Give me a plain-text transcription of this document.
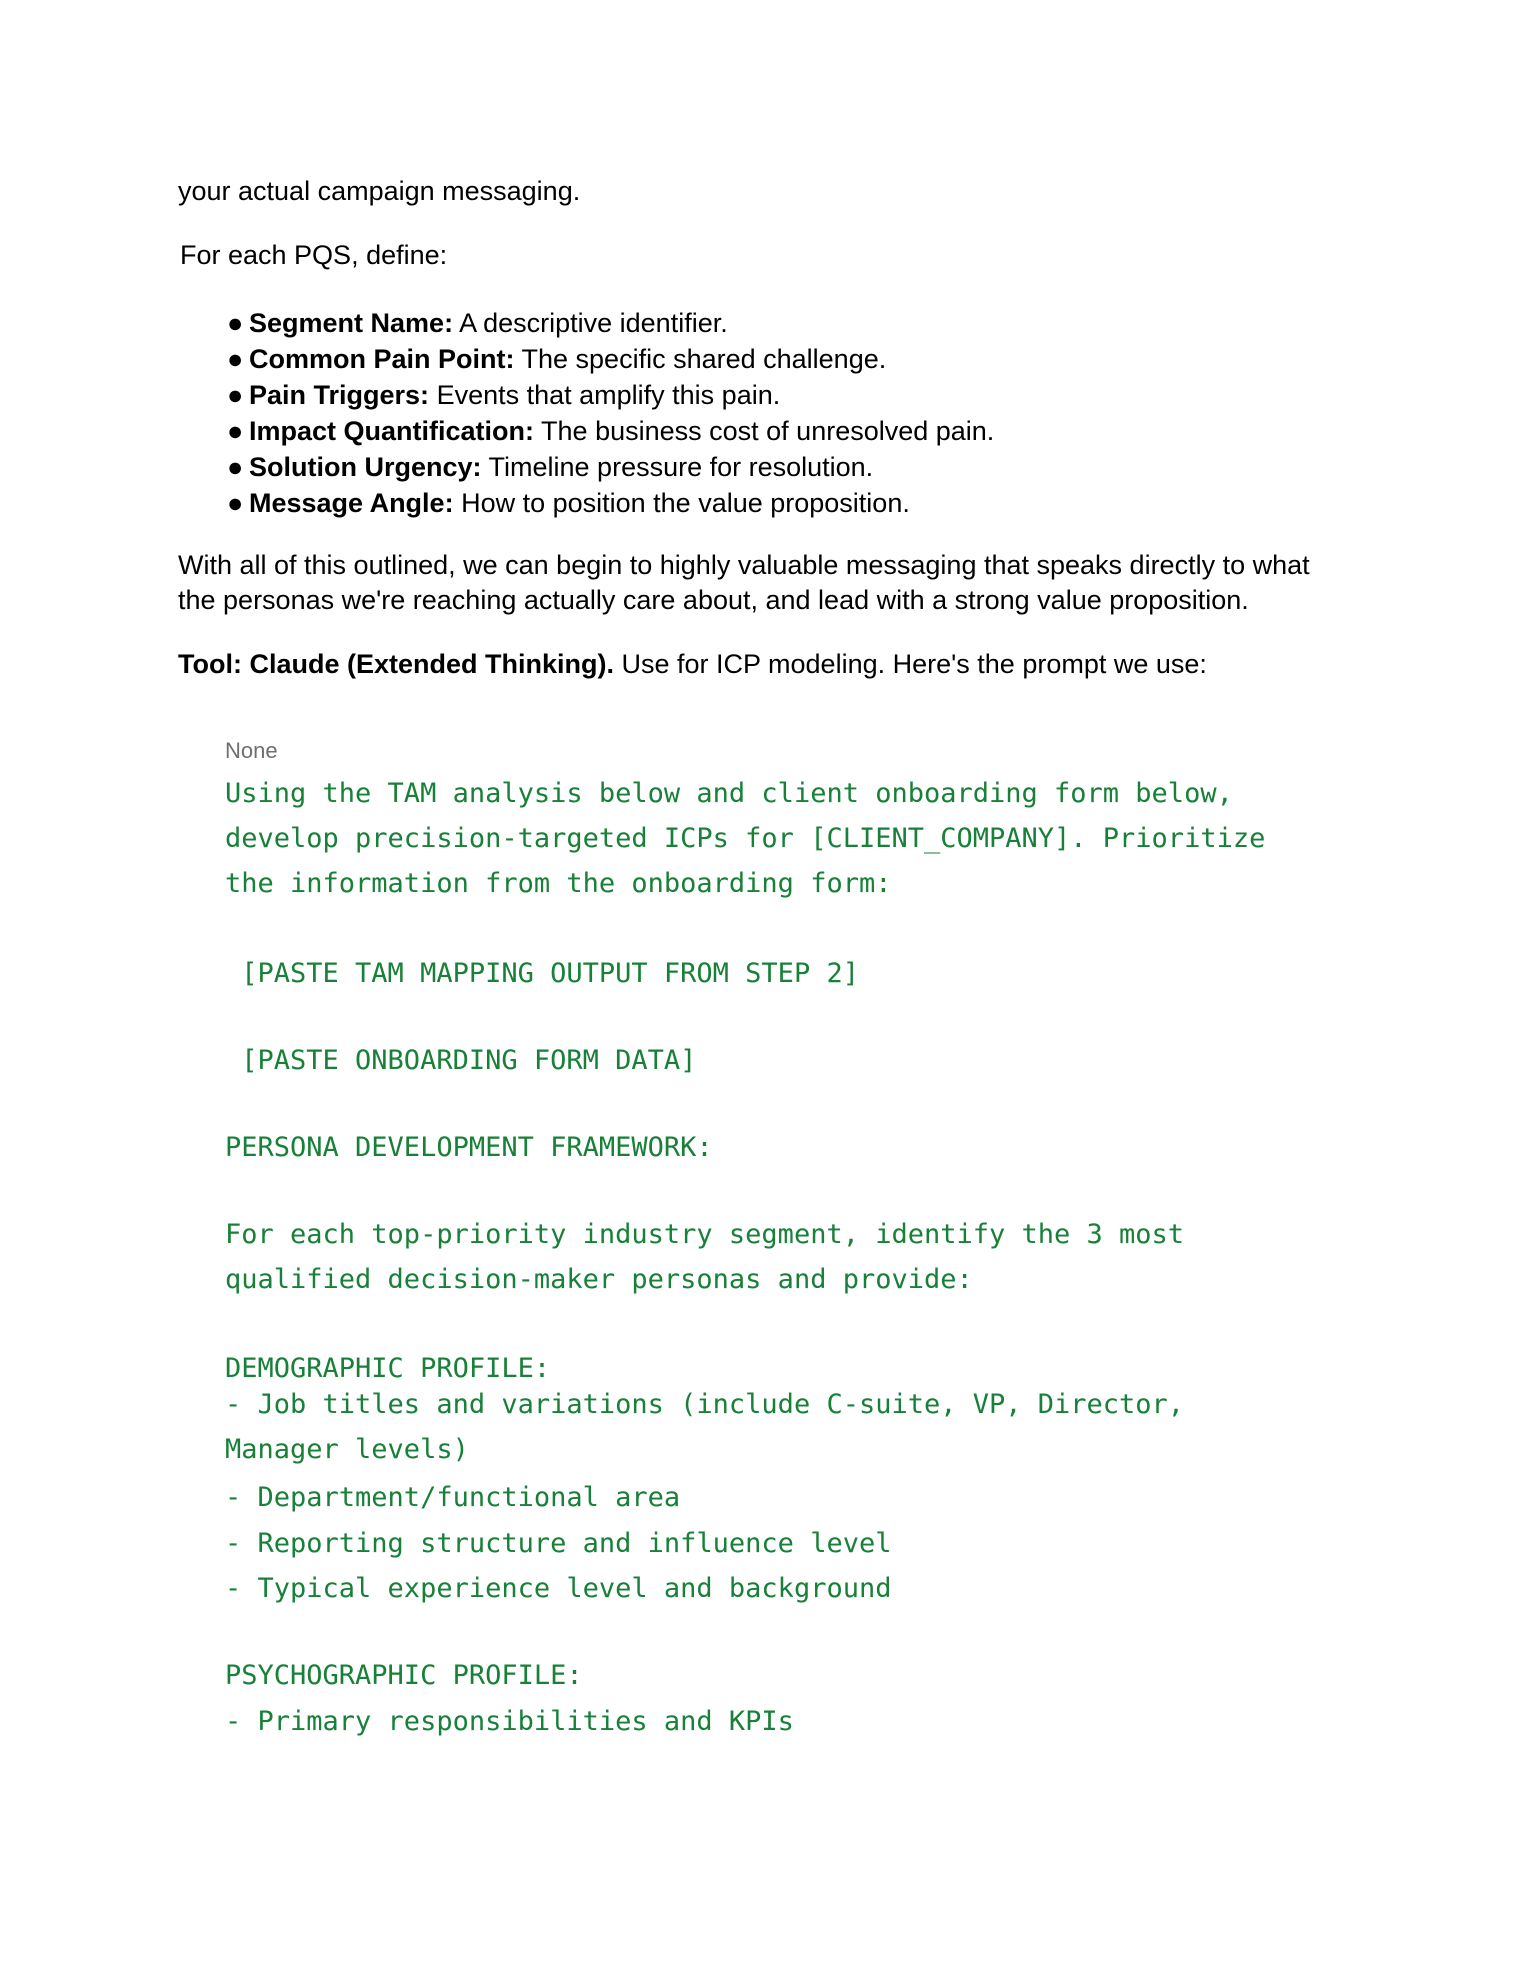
your actual campaign messaging.

For each PQS, define:

● Segment Name: A descriptive identifier.
● Common Pain Point: The specific shared challenge.
● Pain Triggers: Events that amplify this pain.
● Impact Quantification: The business cost of unresolved pain.
● Solution Urgency: Timeline pressure for resolution.
● Message Angle: How to position the value proposition.

With all of this outlined, we can begin to highly valuable messaging that speaks directly to what

the personas we're reaching actually care about, and lead with a strong value proposition.

Tool: Claude (Extended Thinking). Use for ICP modeling. Here's the prompt we use:

None

Using the TAM analysis below and client onboarding form below,

develop precision-targeted ICPs for [CLIENT_COMPANY]. Prioritize

the information from the onboarding form:

[PASTE TAM MAPPING OUTPUT FROM STEP 2]

[PASTE ONBOARDING FORM DATA]

PERSONA DEVELOPMENT FRAMEWORK:

For each top-priority industry segment, identify the 3 most

qualified decision-maker personas and provide:

DEMOGRAPHIC PROFILE:

- Job titles and variations (include C-suite, VP, Director,

Manager levels)

- Department/functional area

- Reporting structure and influence level

- Typical experience level and background

PSYCHOGRAPHIC PROFILE:

- Primary responsibilities and KPIs
